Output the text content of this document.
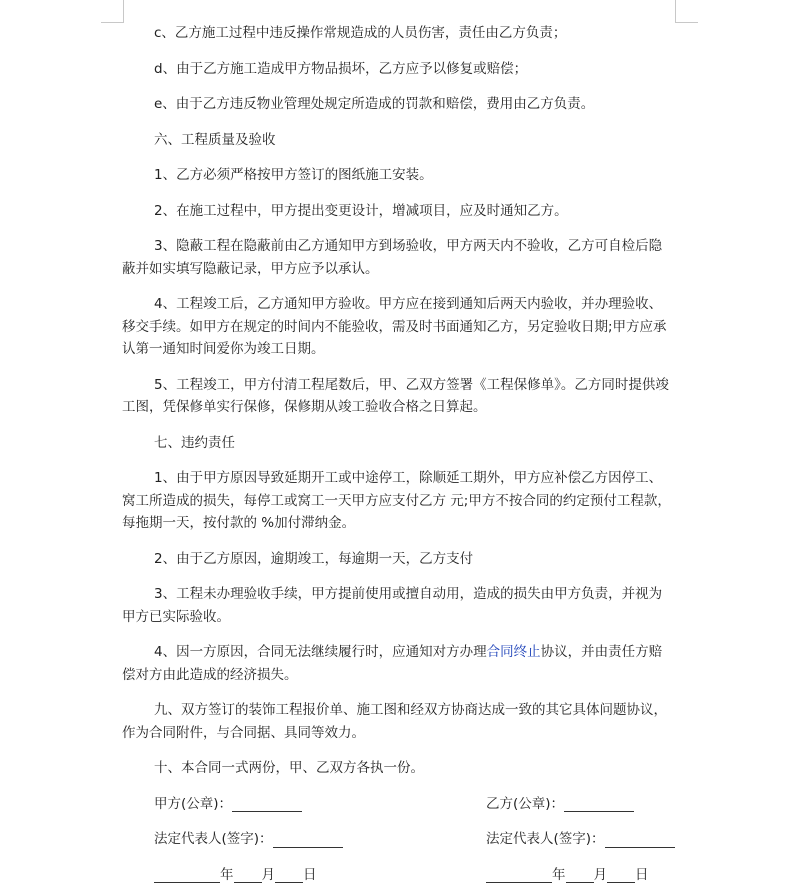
c、乙方施工过程中违反操作常规造成的人员伤害，责任由乙方负责；

d、由于乙方施工造成甲方物品损坏，乙方应予以修复或赔偿；

e、由于乙方违反物业管理处规定所造成的罚款和赔偿，费用由乙方负责。

六、工程质量及验收

1、乙方必须严格按甲方签订的图纸施工安装。

2、在施工过程中，甲方提出变更设计，增减项目，应及时通知乙方。

3、隐蔽工程在隐蔽前由乙方通知甲方到场验收，甲方两天内不验收，乙方可自检后隐蔽并如实填写隐蔽记录，甲方应予以承认。

4、工程竣工后，乙方通知甲方验收。甲方应在接到通知后两天内验收，并办理验收、移交手续。如甲方在规定的时间内不能验收，需及时书面通知乙方，另定验收日期;甲方应承认第一通知时间爱你为竣工日期。

5、工程竣工，甲方付清工程尾数后，甲、乙双方签署《工程保修单》。乙方同时提供竣工图，凭保修单实行保修，保修期从竣工验收合格之日算起。

七、违约责任

1、由于甲方原因导致延期开工或中途停工，除顺延工期外，甲方应补偿乙方因停工、窝工所造成的损失，每停工或窝工一天甲方应支付乙方 元;甲方不按合同的约定预付工程款，每拖期一天，按付款的 %加付滞纳金。

2、由于乙方原因，逾期竣工，每逾期一天，乙方支付

3、工程未办理验收手续，甲方提前使用或擅自动用，造成的损失由甲方负责，并视为甲方已实际验收。

4、因一方原因，合同无法继续履行时，应通知对方办理合同终止协议，并由责任方赔偿对方由此造成的经济损失。

九、双方签订的装饰工程报价单、施工图和经双方协商达成一致的其它具体问题协议，作为合同附件，与合同据、具同等效力。

十、本合同一式两份，甲、乙双方各执一份。

甲方(公章)：	乙方(公章)：
法定代表人(签字)：	法定代表人(签字)：
年 月 日	年 月 日
